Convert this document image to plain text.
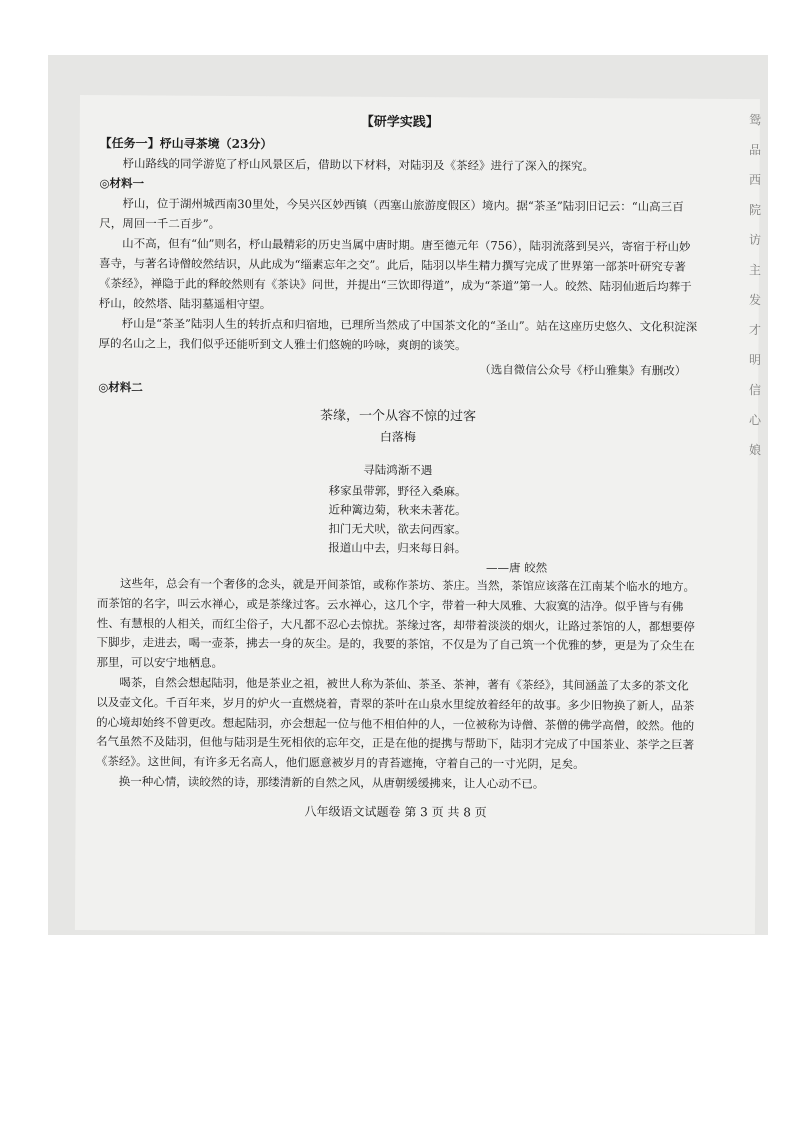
【研学实践】
【任务一】杼山寻茶境（23分）

杼山路线的同学游览了杼山风景区后，借助以下材料，对陆羽及《茶经》进行了深入的探究。

◎材料一

杼山，位于湖州城西南30里处，今吴兴区妙西镇（西塞山旅游度假区）境内。据“茶圣”陆羽旧记云：“山高三百尺，周回一千二百步”。

山不高，但有“仙”则名，杼山最精彩的历史当属中唐时期。唐至德元年（756），陆羽流落到吴兴，寄宿于杼山妙喜寺，与著名诗僧皎然结识，从此成为“缁素忘年之交”。此后，陆羽以毕生精力撰写完成了世界第一部茶叶研究专著《茶经》，禅隐于此的释皎然则有《茶诀》问世，并提出“三饮即得道”，成为“茶道”第一人。皎然、陆羽仙逝后均葬于杼山，皎然塔、陆羽墓遥相守望。

杼山是“茶圣”陆羽人生的转折点和归宿地，已理所当然成了中国茶文化的“圣山”。站在这座历史悠久、文化积淀深厚的名山之上，我们似乎还能听到文人雅士们悠婉的吟咏，爽朗的谈笑。

（选自微信公众号《杼山雅集》有删改）

◎材料二
茶缘，一个从容不惊的过客
白落梅
寻陆鸿渐不遇
移家虽带郭，野径入桑麻。
近种篱边菊，秋来未著花。
扣门无犬吠，欲去问西家。
报道山中去，归来每日斜。
——唐 皎然

这些年，总会有一个奢侈的念头，就是开间茶馆，或称作茶坊、茶庄。当然，茶馆应该落在江南某个临水的地方。而茶馆的名字，叫云水禅心，或是茶缘过客。云水禅心，这几个字，带着一种大凤雅、大寂寞的洁净。似乎皆与有佛性、有慧根的人相关，而红尘俗子，大凡都不忍心去惊扰。茶缘过客，却带着淡淡的烟火，让路过茶馆的人，都想要停下脚步，走进去，喝一壶茶，拂去一身的灰尘。是的，我要的茶馆，不仅是为了自己筑一个优雅的梦，更是为了众生在那里，可以安宁地栖息。

喝茶，自然会想起陆羽，他是茶业之祖，被世人称为茶仙、茶圣、茶神，著有《茶经》，其间涵盖了太多的茶文化以及壶文化。千百年来，岁月的炉火一直燃烧着，青翠的茶叶在山泉水里绽放着经年的故事。多少旧物换了新人，品茶的心境却始终不曾更改。想起陆羽，亦会想起一位与他不相伯仲的人，一位被称为诗僧、茶僧的佛学高僧，皎然。他的名气虽然不及陆羽，但他与陆羽是生死相依的忘年交，正是在他的提携与帮助下，陆羽才完成了中国茶业、茶学之巨著《茶经》。这世间，有许多无名高人，他们愿意被岁月的青苔遮掩，守着自己的一寸光阴，足矣。

换一种心情，读皎然的诗，那缕清新的自然之风，从唐朝缓缓拂来，让人心动不已。

八年级语文试题卷 第 3 页 共 8 页
鸳
品
西
院
访
主
发
才
明
信
心
娘
